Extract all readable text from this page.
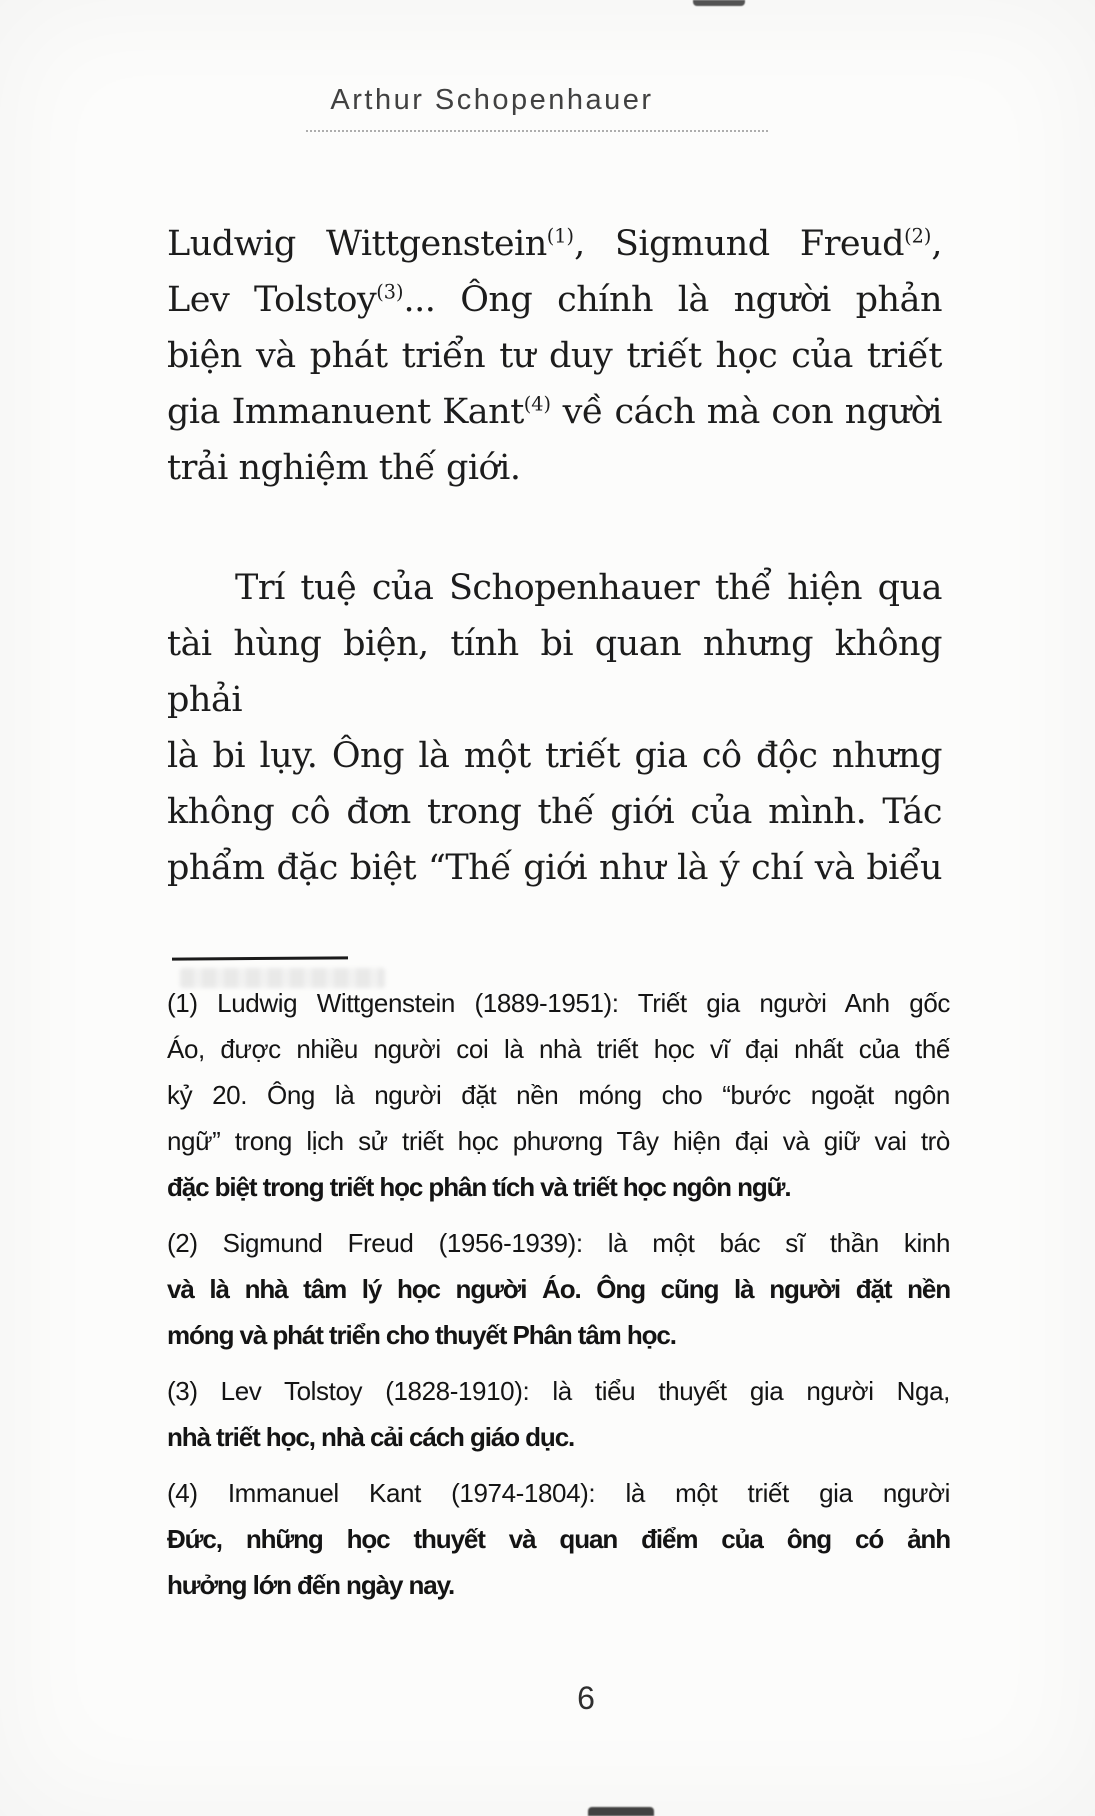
Arthur Schopenhauer
Ludwig Wittgenstein$^{(1)}$, Sigmund Freud$^{(2)}$,
Lev Tolstoy$^{(3)}$... Ông chính là người phản
biện và phát triển tư duy triết học của triết
gia Immanuent Kant$^{(4)}$ về cách mà con người
trải nghiệm thế giới.
Trí tuệ của Schopenhauer thể hiện qua
tài hùng biện, tính bi quan nhưng không phải
là bi lụy. Ông là một triết gia cô độc nhưng
không cô đơn trong thế giới của mình. Tác
phẩm đặc biệt “Thế giới như là ý chí và biểu
(1) Ludwig Wittgenstein (1889-1951): Triết gia người Anh gốc
Áo, được nhiều người coi là nhà triết học vĩ đại nhất của thế
kỷ 20. Ông là người đặt nền móng cho “bước ngoặt ngôn
ngữ” trong lịch sử triết học phương Tây hiện đại và giữ vai trò
đặc biệt trong triết học phân tích và triết học ngôn ngữ.
(2) Sigmund Freud (1956-1939): là một bác sĩ thần kinh
và là nhà tâm lý học người Áo. Ông cũng là người đặt nền
móng và phát triển cho thuyết Phân tâm học.
(3) Lev Tolstoy (1828-1910): là tiểu thuyết gia người Nga,
nhà triết học, nhà cải cách giáo dục.
(4) Immanuel Kant (1974-1804): là một triết gia người
Đức, những học thuyết và quan điểm của ông có ảnh
hưởng lớn đến ngày nay.
6
